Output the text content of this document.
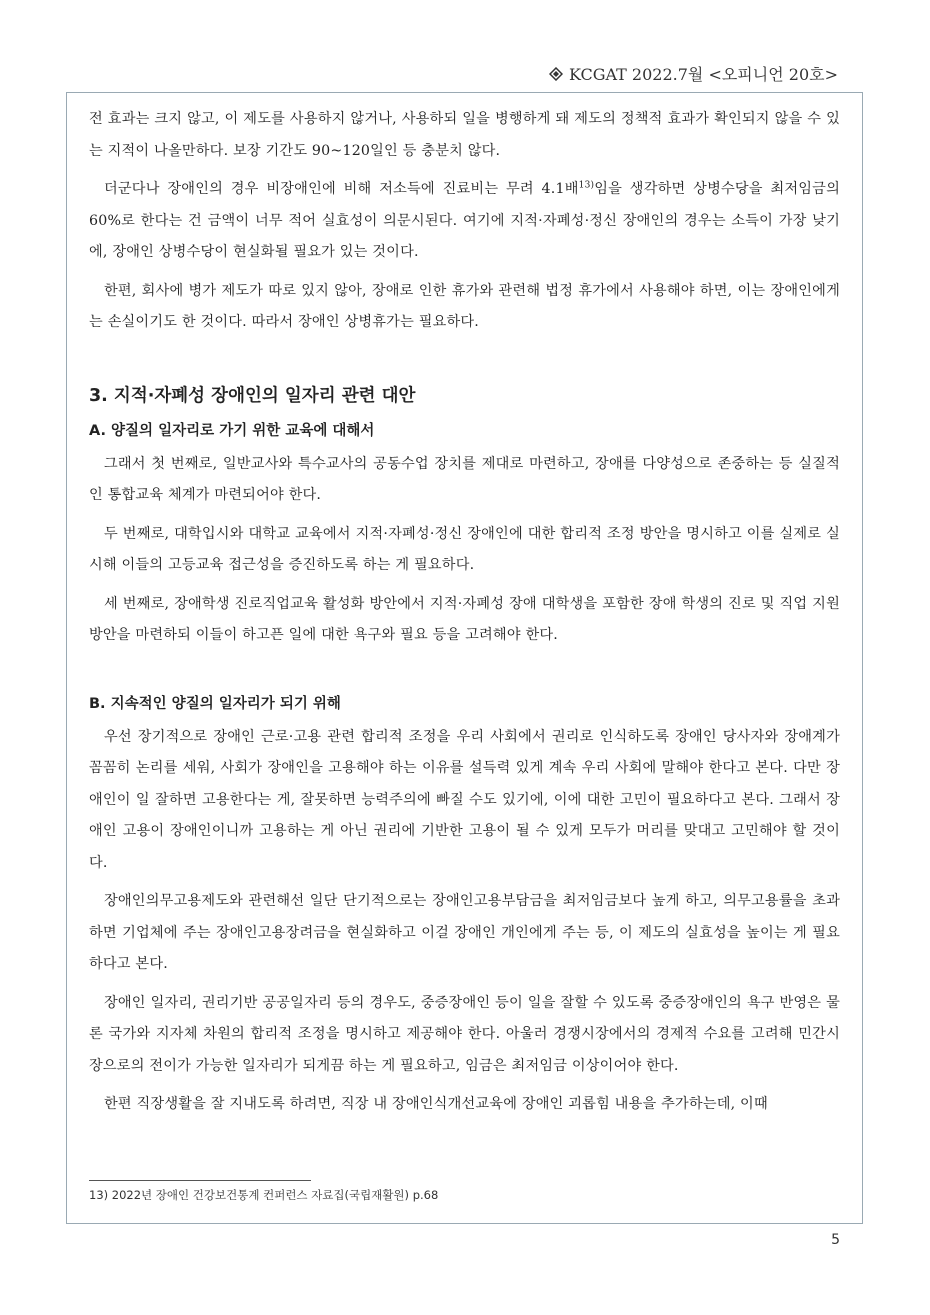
KCGAT 2022.7월 <오피니언 20호>

전 효과는 크지 않고, 이 제도를 사용하지 않거나, 사용하되 일을 병행하게 돼 제도의 정책적 효과가 확인되지 않을 수 있는 지적이 나올만하다. 보장 기간도 90~120일인 등 충분치 않다.

더군다나 장애인의 경우 비장애인에 비해 저소득에 진료비는 무려 4.1배$^{13)}$임을 생각하면 상병수당을 최저임금의 60%로 한다는 건 금액이 너무 적어 실효성이 의문시된다. 여기에 지적·자폐성·정신 장애인의 경우는 소득이 가장 낮기에, 장애인 상병수당이 현실화될 필요가 있는 것이다.

한편, 회사에 병가 제도가 따로 있지 않아, 장애로 인한 휴가와 관련해 법정 휴가에서 사용해야 하면, 이는 장애인에게는 손실이기도 한 것이다. 따라서 장애인 상병휴가는 필요하다.

3. 지적·자폐성 장애인의 일자리 관련 대안
A. 양질의 일자리로 가기 위한 교육에 대해서

그래서 첫 번째로, 일반교사와 특수교사의 공동수업 장치를 제대로 마련하고, 장애를 다양성으로 존중하는 등 실질적인 통합교육 체계가 마련되어야 한다.

두 번째로, 대학입시와 대학교 교육에서 지적·자폐성·정신 장애인에 대한 합리적 조정 방안을 명시하고 이를 실제로 실시해 이들의 고등교육 접근성을 증진하도록 하는 게 필요하다.

세 번째로, 장애학생 진로직업교육 활성화 방안에서 지적·자폐성 장애 대학생을 포함한 장애 학생의 진로 및 직업 지원방안을 마련하되 이들이 하고픈 일에 대한 욕구와 필요 등을 고려해야 한다.

B. 지속적인 양질의 일자리가 되기 위해

우선 장기적으로 장애인 근로·고용 관련 합리적 조정을 우리 사회에서 권리로 인식하도록 장애인 당사자와 장애계가 꼼꼼히 논리를 세워, 사회가 장애인을 고용해야 하는 이유를 설득력 있게 계속 우리 사회에 말해야 한다고 본다. 다만 장애인이 일 잘하면 고용한다는 게, 잘못하면 능력주의에 빠질 수도 있기에, 이에 대한 고민이 필요하다고 본다. 그래서 장애인 고용이 장애인이니까 고용하는 게 아닌 권리에 기반한 고용이 될 수 있게 모두가 머리를 맞대고 고민해야 할 것이다.

장애인의무고용제도와 관련해선 일단 단기적으로는 장애인고용부담금을 최저임금보다 높게 하고, 의무고용률을 초과하면 기업체에 주는 장애인고용장려금을 현실화하고 이걸 장애인 개인에게 주는 등, 이 제도의 실효성을 높이는 게 필요하다고 본다.

장애인 일자리, 권리기반 공공일자리 등의 경우도, 중증장애인 등이 일을 잘할 수 있도록 중증장애인의 욕구 반영은 물론 국가와 지자체 차원의 합리적 조정을 명시하고 제공해야 한다. 아울러 경쟁시장에서의 경제적 수요를 고려해 민간시장으로의 전이가 가능한 일자리가 되게끔 하는 게 필요하고, 임금은 최저임금 이상이어야 한다.

한편 직장생활을 잘 지내도록 하려면, 직장 내 장애인식개선교육에 장애인 괴롭힘 내용을 추가하는데, 이때

13) 2022년 장애인 건강보건통계 컨퍼런스 자료집(국립재활원) p.68
5
